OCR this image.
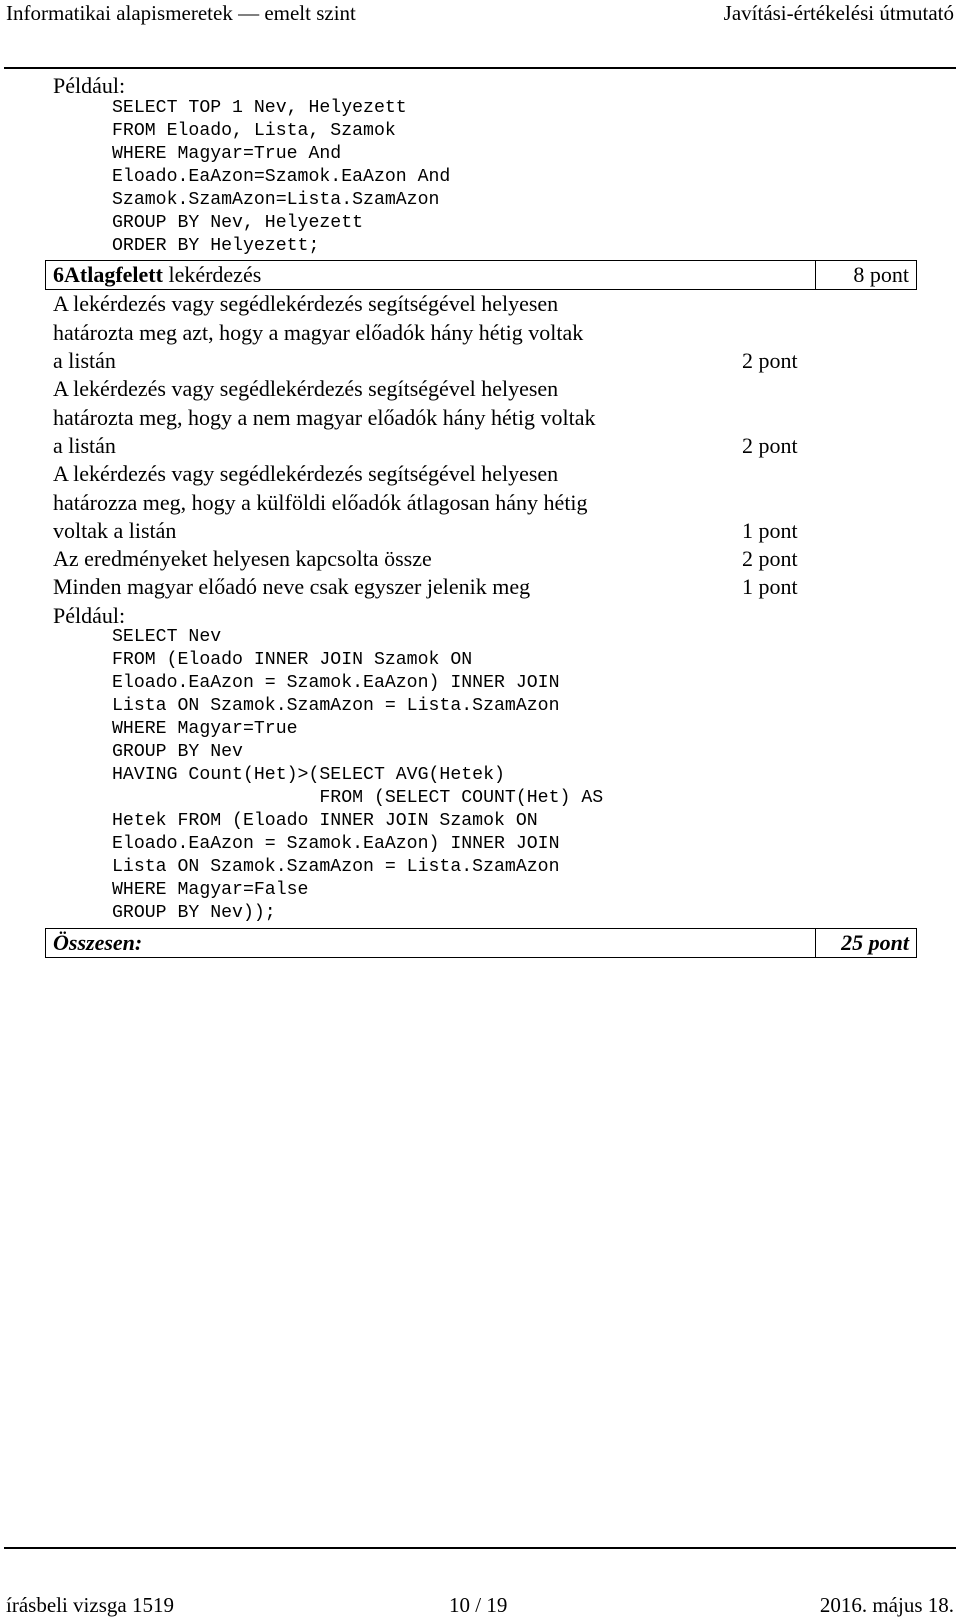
Informatikai alapismeretek — emelt szint	Javítási-értékelési útmutató
Például:
SELECT TOP 1 Nev, Helyezett
FROM Eloado, Lista, Szamok
WHERE Magyar=True And
Eloado.EaAzon=Szamok.EaAzon And
Szamok.SzamAzon=Lista.SzamAzon
GROUP BY Nev, Helyezett
ORDER BY Helyezett;
6Atlagfelett lekérdezés	8 pont
A lekérdezés vagy segédlekérdezés segítségével helyesen
határozta meg azt, hogy a magyar előadók hány hétig voltak
a listán	2 pont
A lekérdezés vagy segédlekérdezés segítségével helyesen
határozta meg, hogy a nem magyar előadók hány hétig voltak
a listán	2 pont
A lekérdezés vagy segédlekérdezés segítségével helyesen
határozza meg, hogy a külföldi előadók átlagosan hány hétig
voltak a listán	1 pont
Az eredményeket helyesen kapcsolta össze	2 pont
Minden magyar előadó neve csak egyszer jelenik meg	1 pont
Például:
SELECT Nev
FROM (Eloado INNER JOIN Szamok ON
Eloado.EaAzon = Szamok.EaAzon) INNER JOIN
Lista ON Szamok.SzamAzon = Lista.SzamAzon
WHERE Magyar=True
GROUP BY Nev
HAVING Count(Het)>(SELECT AVG(Hetek)
FROM (SELECT COUNT(Het) AS
Hetek FROM (Eloado INNER JOIN Szamok ON
Eloado.EaAzon = Szamok.EaAzon) INNER JOIN
Lista ON Szamok.SzamAzon = Lista.SzamAzon
WHERE Magyar=False
GROUP BY Nev));
Összesen:	25 pont
írásbeli vizsga 1519	10 / 19	2016. május 18.
